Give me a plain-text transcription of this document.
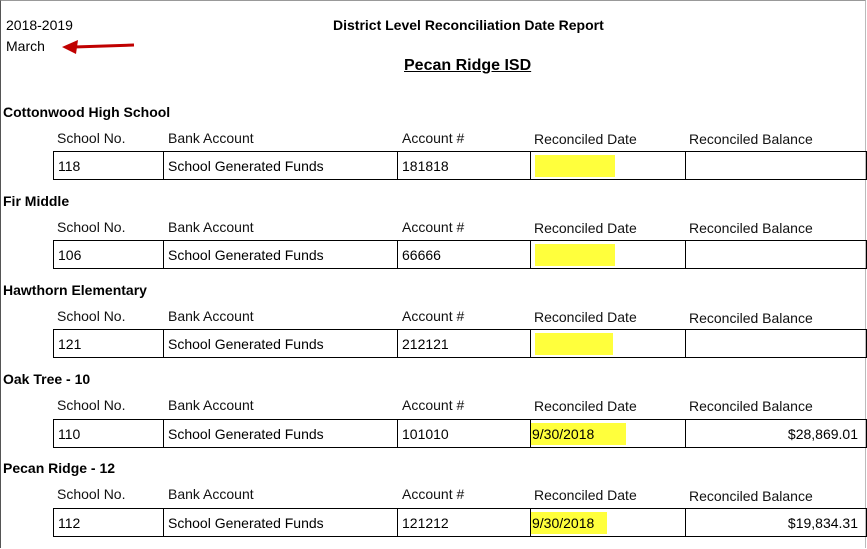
2018-2019
March
District Level Reconciliation Date Report
Pecan Ridge ISD
Cottonwood High School
School No.	Bank Account	Account #	Reconciled Date	Reconciled Balance
118	School Generated Funds	181818
Fir Middle
School No.	Bank Account	Account #	Reconciled Date	Reconciled Balance
106	School Generated Funds	66666
Hawthorn Elementary
School No.	Bank Account	Account #	Reconciled Date	Reconciled Balance
121	School Generated Funds	212121
Oak Tree - 10
School No.	Bank Account	Account #	Reconciled Date	Reconciled Balance
110	School Generated Funds	101010	9/30/2018	$28,869.01
Pecan Ridge - 12
School No.	Bank Account	Account #	Reconciled Date	Reconciled Balance
112	School Generated Funds	121212	9/30/2018	$19,834.31
